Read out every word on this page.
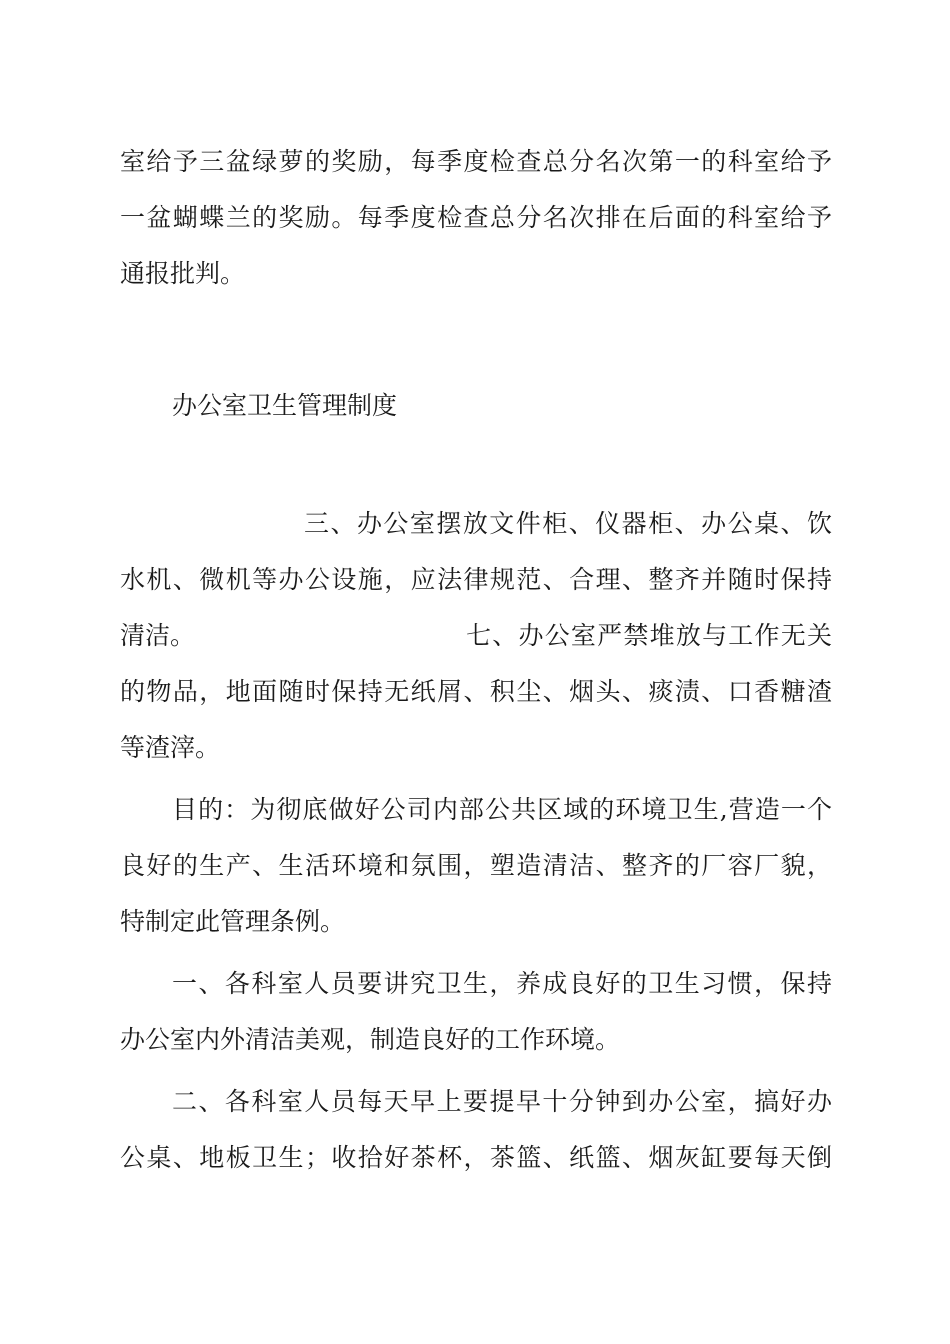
室给予三盆绿萝的奖励，每季度检查总分名次第一的科室给予
一盆蝴蝶兰的奖励。每季度检查总分名次排在后面的科室给予
通报批判。
办公室卫生管理制度
三、办公室摆放文件柜、仪器柜、办公桌、饮
水机、微机等办公设施，应法律规范、合理、整齐并随时保持
清洁。	七、办公室严禁堆放与工作无关
的物品，地面随时保持无纸屑、积尘、烟头、痰渍、口香糖渣
等渣滓。
目的：为彻底做好公司内部公共区域的环境卫生,营造一个
良好的生产、生活环境和氛围，塑造清洁、整齐的厂容厂貌，
特制定此管理条例。
一、各科室人员要讲究卫生，养成良好的卫生习惯，保持
办公室内外清洁美观，制造良好的工作环境。
二、各科室人员每天早上要提早十分钟到办公室，搞好办
公桌、地板卫生；收拾好茶杯，茶篮、纸篮、烟灰缸要每天倒
